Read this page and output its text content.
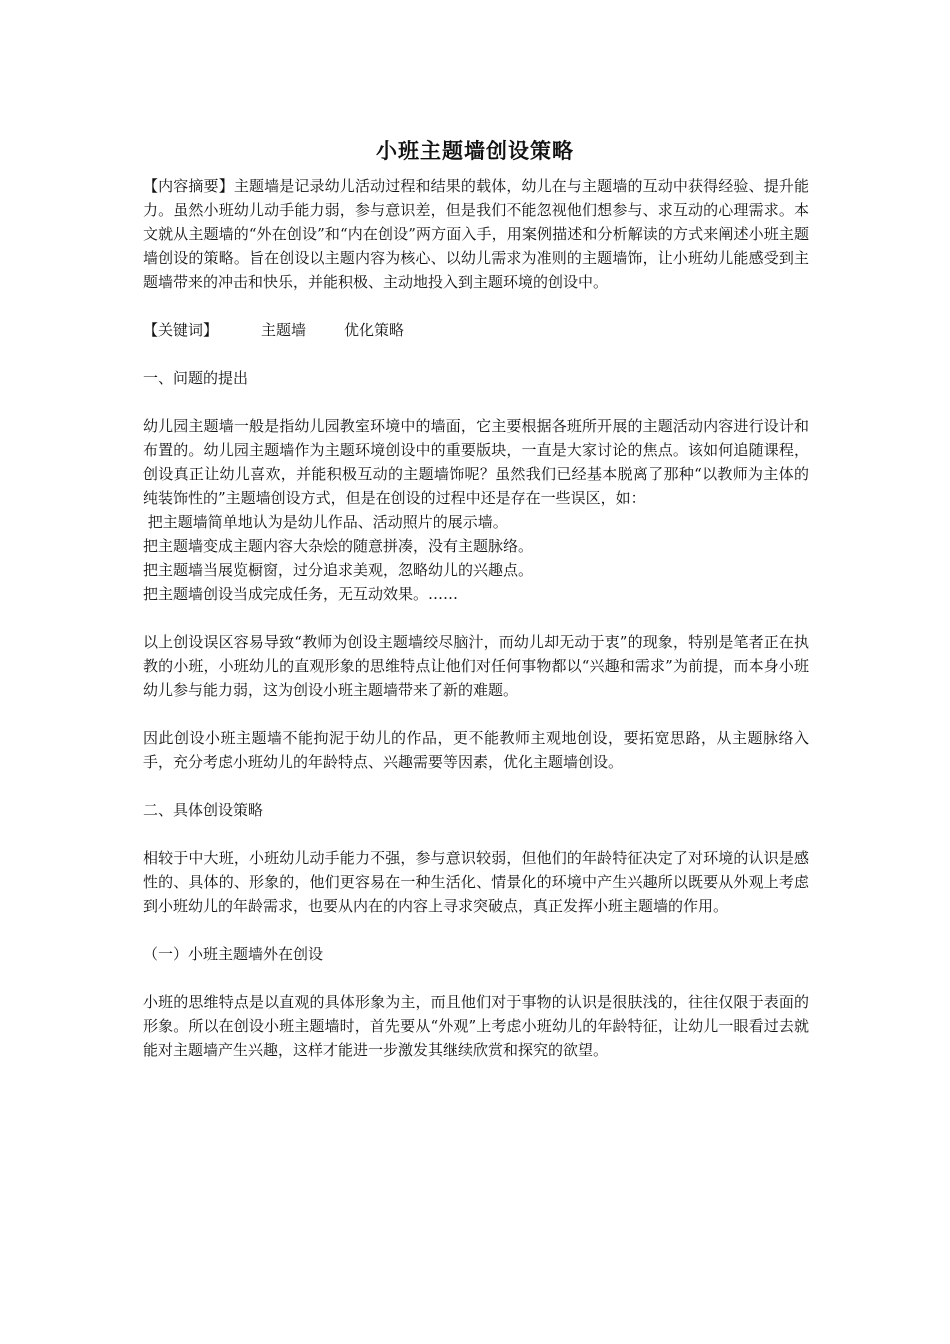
小班主题墙创设策略

【内容摘要】主题墙是记录幼儿活动过程和结果的载体，幼儿在与主题墙的互动中获得经验、提升能力。虽然小班幼儿动手能力弱，参与意识差，但是我们不能忽视他们想参与、求互动的心理需求。本文就从主题墙的“外在创设”和“内在创设”两方面入手，用案例描述和分析解读的方式来阐述小班主题墙创设的策略。旨在创设以主题内容为核心、以幼儿需求为准则的主题墙饰，让小班幼儿能感受到主题墙带来的冲击和快乐，并能积极、主动地投入到主题环境的创设中。

【关键词】	主题墙	优化策略

一、问题的提出

幼儿园主题墙一般是指幼儿园教室环境中的墙面，它主要根据各班所开展的主题活动内容进行设计和布置的。幼儿园主题墙作为主题环境创设中的重要版块，一直是大家讨论的焦点。该如何追随课程，创设真正让幼儿喜欢，并能积极互动的主题墙饰呢？虽然我们已经基本脱离了那种“以教师为主体的纯装饰性的”主题墙创设方式，但是在创设的过程中还是存在一些误区，如：

把主题墙简单地认为是幼儿作品、活动照片的展示墙。

把主题墙变成主题内容大杂烩的随意拼凑，没有主题脉络。

把主题墙当展览橱窗，过分追求美观，忽略幼儿的兴趣点。

把主题墙创设当成完成任务，无互动效果。……

以上创设误区容易导致“教师为创设主题墙绞尽脑汁，而幼儿却无动于衷”的现象，特别是笔者正在执教的小班，小班幼儿的直观形象的思维特点让他们对任何事物都以“兴趣和需求”为前提，而本身小班幼儿参与能力弱，这为创设小班主题墙带来了新的难题。

因此创设小班主题墙不能拘泥于幼儿的作品，更不能教师主观地创设，要拓宽思路，从主题脉络入手，充分考虑小班幼儿的年龄特点、兴趣需要等因素，优化主题墙创设。

二、具体创设策略

相较于中大班，小班幼儿动手能力不强，参与意识较弱，但他们的年龄特征决定了对环境的认识是感性的、具体的、形象的，他们更容易在一种生活化、情景化的环境中产生兴趣所以既要从外观上考虑到小班幼儿的年龄需求，也要从内在的内容上寻求突破点，真正发挥小班主题墙的作用。

（一）小班主题墙外在创设

小班的思维特点是以直观的具体形象为主，而且他们对于事物的认识是很肤浅的，往往仅限于表面的形象。所以在创设小班主题墙时，首先要从“外观”上考虑小班幼儿的年龄特征，让幼儿一眼看过去就能对主题墙产生兴趣，这样才能进一步激发其继续欣赏和探究的欲望。
